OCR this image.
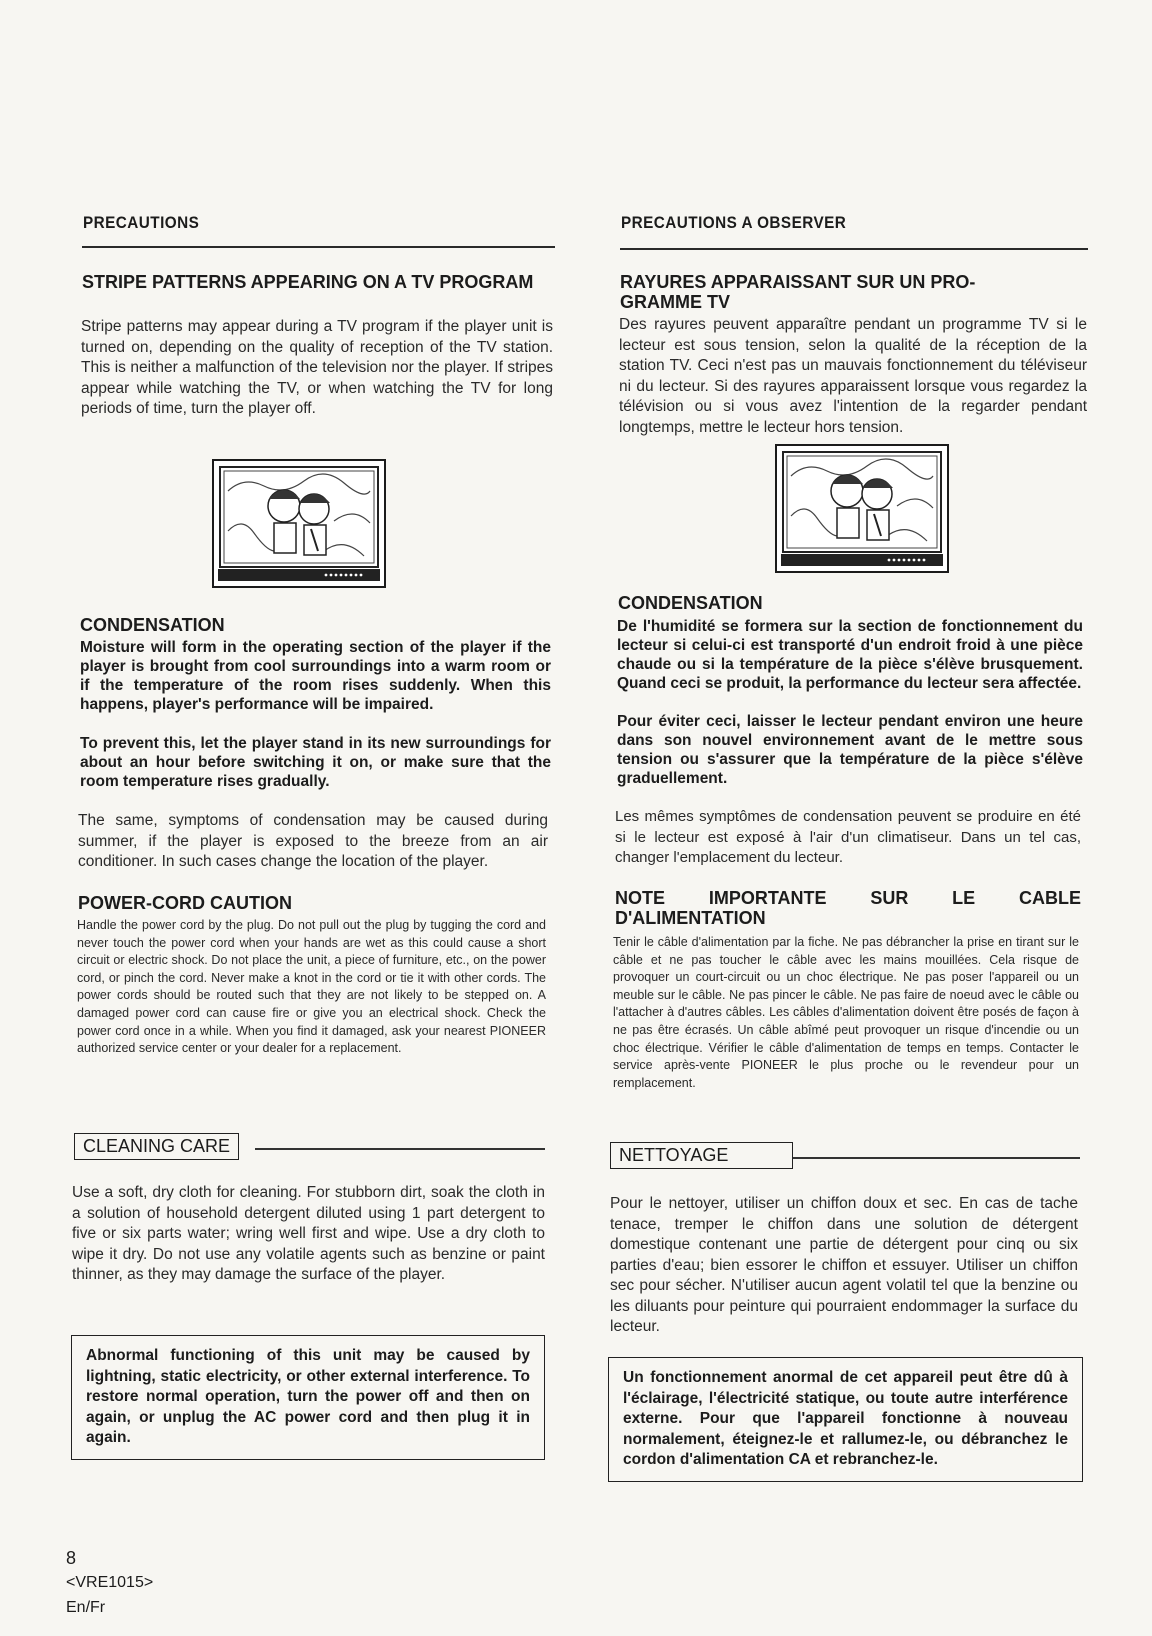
PRECAUTIONS
STRIPE PATTERNS APPEARING ON A TV PROGRAM

Stripe patterns may appear during a TV program if the player unit is turned on, depending on the quality of reception of the TV station. This is neither a malfunction of the television nor the player. If stripes appear while watching the TV, or when watching the TV for long periods of time, turn the player off.

CONDENSATION

Moisture will form in the operating section of the player if the player is brought from cool surroundings into a warm room or if the temperature of the room rises suddenly. When this happens, player's performance will be impaired.

To prevent this, let the player stand in its new surroundings for about an hour before switching it on, or make sure that the room temperature rises gradually.

The same, symptoms of condensation may be caused during summer, if the player is exposed to the breeze from an air conditioner. In such cases change the location of the player.

POWER-CORD CAUTION

Handle the power cord by the plug. Do not pull out the plug by tugging the cord and never touch the power cord when your hands are wet as this could cause a short circuit or electric shock. Do not place the unit, a piece of furniture, etc., on the power cord, or pinch the cord. Never make a knot in the cord or tie it with other cords. The power cords should be routed such that they are not likely to be stepped on. A damaged power cord can cause fire or give you an electrical shock. Check the power cord once in a while. When you find it damaged, ask your nearest PIONEER authorized service center or your dealer for a replacement.

CLEANING CARE

Use a soft, dry cloth for cleaning. For stubborn dirt, soak the cloth in a solution of household detergent diluted using 1 part detergent to five or six parts water; wring well first and wipe. Use a dry cloth to wipe it dry. Do not use any volatile agents such as benzine or paint thinner, as they may damage the surface of the player.

Abnormal functioning of this unit may be caused by lightning, static electricity, or other external interference. To restore normal operation, turn the power off and then on again, or unplug the AC power cord and then plug it in again.
PRECAUTIONS A OBSERVER
RAYURES APPARAISSANT SUR UN PRO-GRAMME TV

Des rayures peuvent apparaître pendant un programme TV si le lecteur est sous tension, selon la qualité de la réception de la station TV. Ceci n'est pas un mauvais fonctionnement du téléviseur ni du lecteur. Si des rayures apparaissent lorsque vous regardez la télévision ou si vous avez l'intention de la regarder pendant longtemps, mettre le lecteur hors tension.

CONDENSATION

De l'humidité se formera sur la section de fonctionnement du lecteur si celui-ci est transporté d'un endroit froid à une pièce chaude ou si la température de la pièce s'élève brusquement. Quand ceci se produit, la performance du lecteur sera affectée.

Pour éviter ceci, laisser le lecteur pendant environ une heure dans son nouvel environnement avant de le mettre sous tension ou s'assurer que la température de la pièce s'élève graduellement.

Les mêmes symptômes de condensation peuvent se produire en été si le lecteur est exposé à l'air d'un climatiseur. Dans un tel cas, changer l'emplacement du lecteur.

NOTE IMPORTANTE SUR LE CABLE D'ALIMENTATION

Tenir le câble d'alimentation par la fiche. Ne pas débrancher la prise en tirant sur le câble et ne pas toucher le câble avec les mains mouillées. Cela risque de provoquer un court-circuit ou un choc électrique. Ne pas poser l'appareil ou un meuble sur le câble. Ne pas pincer le câble. Ne pas faire de noeud avec le câble ou l'attacher à d'autres câbles. Les câbles d'alimentation doivent être posés de façon à ne pas être écrasés. Un câble abîmé peut provoquer un risque d'incendie ou un choc électrique. Vérifier le câble d'alimentation de temps en temps. Contacter le service après-vente PIONEER le plus proche ou le revendeur pour un remplacement.

NETTOYAGE

Pour le nettoyer, utiliser un chiffon doux et sec. En cas de tache tenace, tremper le chiffon dans une solution de détergent domestique contenant une partie de détergent pour cinq ou six parties d'eau; bien essorer le chiffon et essuyer. Utiliser un chiffon sec pour sécher. N'utiliser aucun agent volatil tel que la benzine ou les diluants pour peinture qui pourraient endommager la surface du lecteur.

Un fonctionnement anormal de cet appareil peut être dû à l'éclairage, l'électricité statique, ou toute autre interférence externe. Pour que l'appareil fonctionne à nouveau normalement, éteignez-le et rallumez-le, ou débranchez le cordon d'alimentation CA et rebranchez-le.
8
<VRE1015>
En/Fr
